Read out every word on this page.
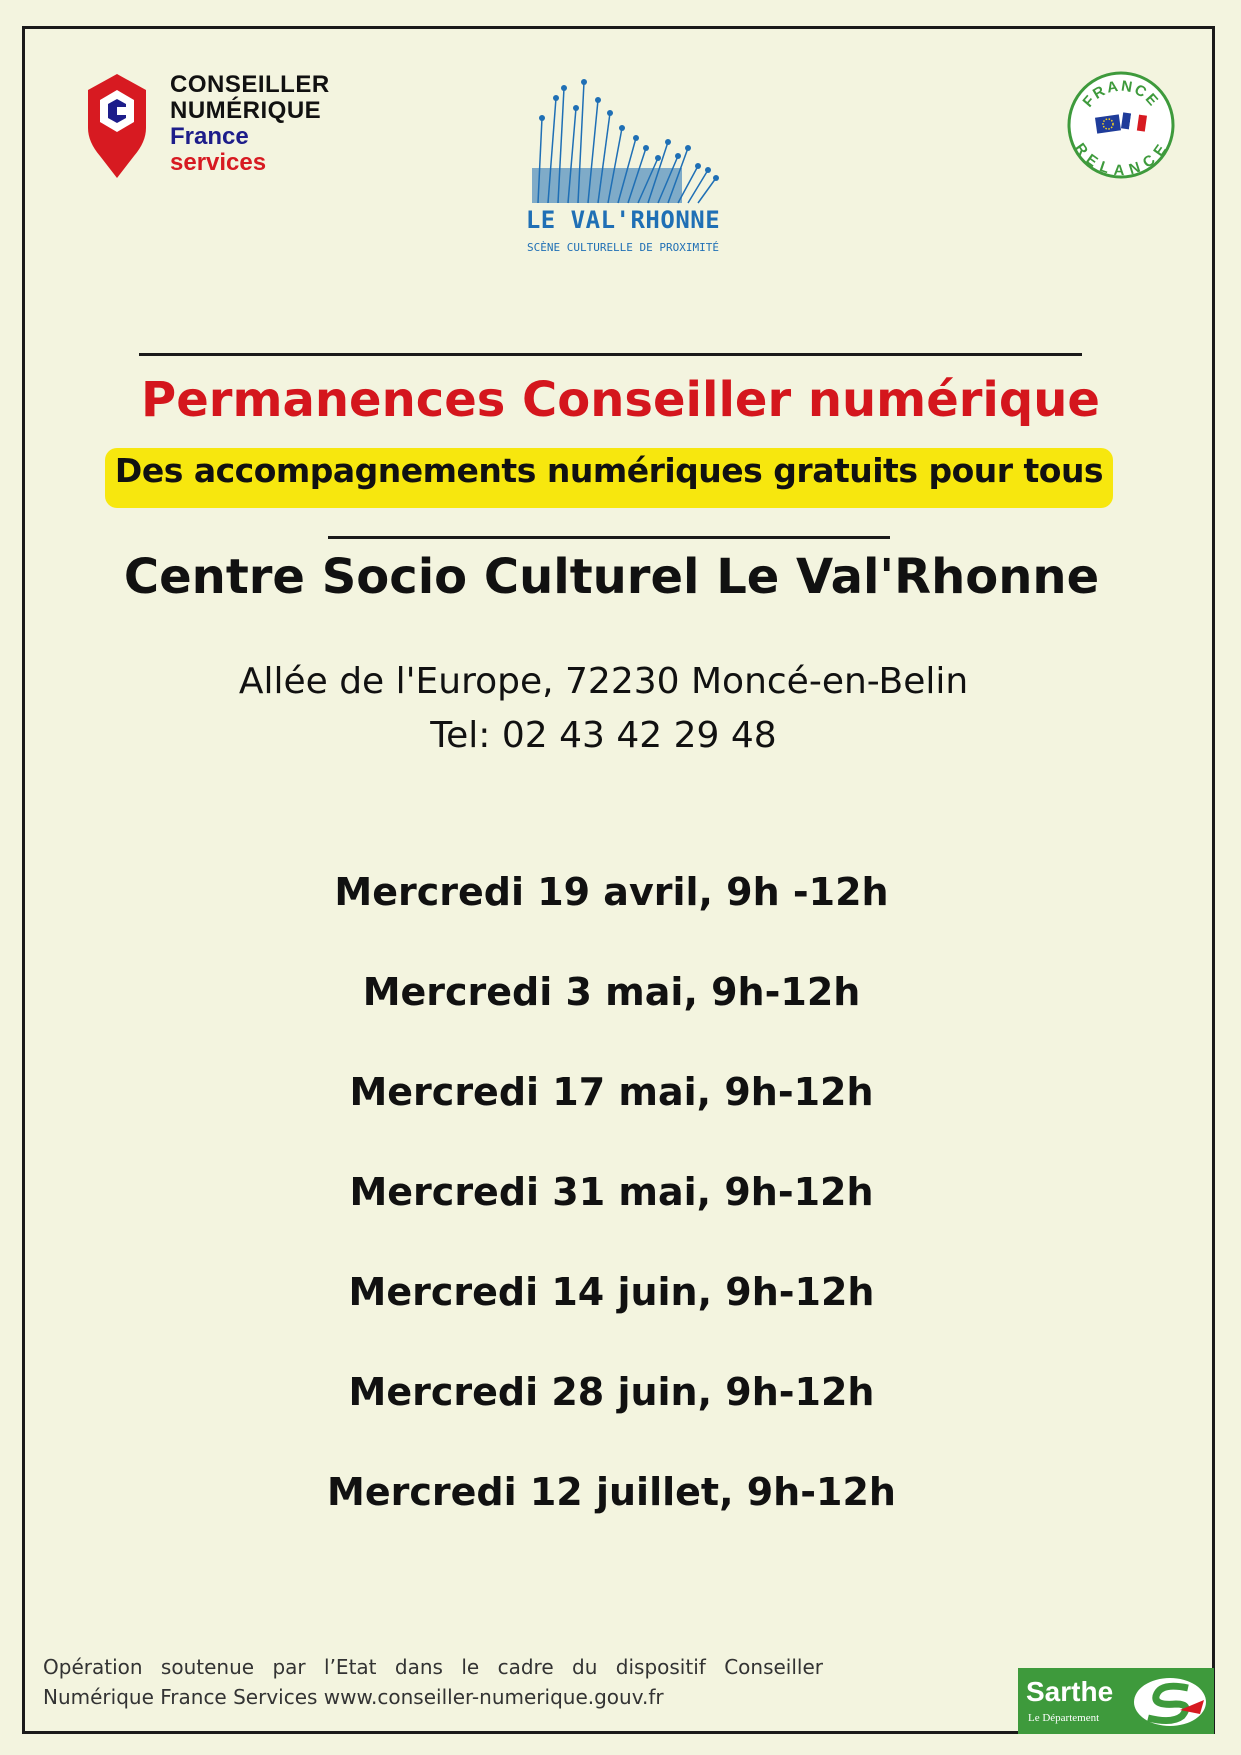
CONSEILLER
NUMÉRIQUE
France
services
LE VAL'RHONNE
SCÈNE CULTURELLE DE PROXIMITÉ
FRANCE
RELANCE
Permanences Conseiller numérique
Des accompagnements numériques gratuits pour tous
Centre Socio Culturel Le Val'Rhonne
Allée de l'Europe, 72230 Moncé-en-Belin
Tel: 02 43 42 29 48
Mercredi 19 avril, 9h -12h
Mercredi 3 mai, 9h-12h
Mercredi 17 mai, 9h-12h
Mercredi 31 mai, 9h-12h
Mercredi 14 juin, 9h-12h
Mercredi 28 juin, 9h-12h
Mercredi 12 juillet, 9h-12h
Opération soutenue par l’Etat dans le cadre du dispositif Conseiller Numérique France Services www.conseiller-numerique.gouv.fr	Sarthe
Le Département
